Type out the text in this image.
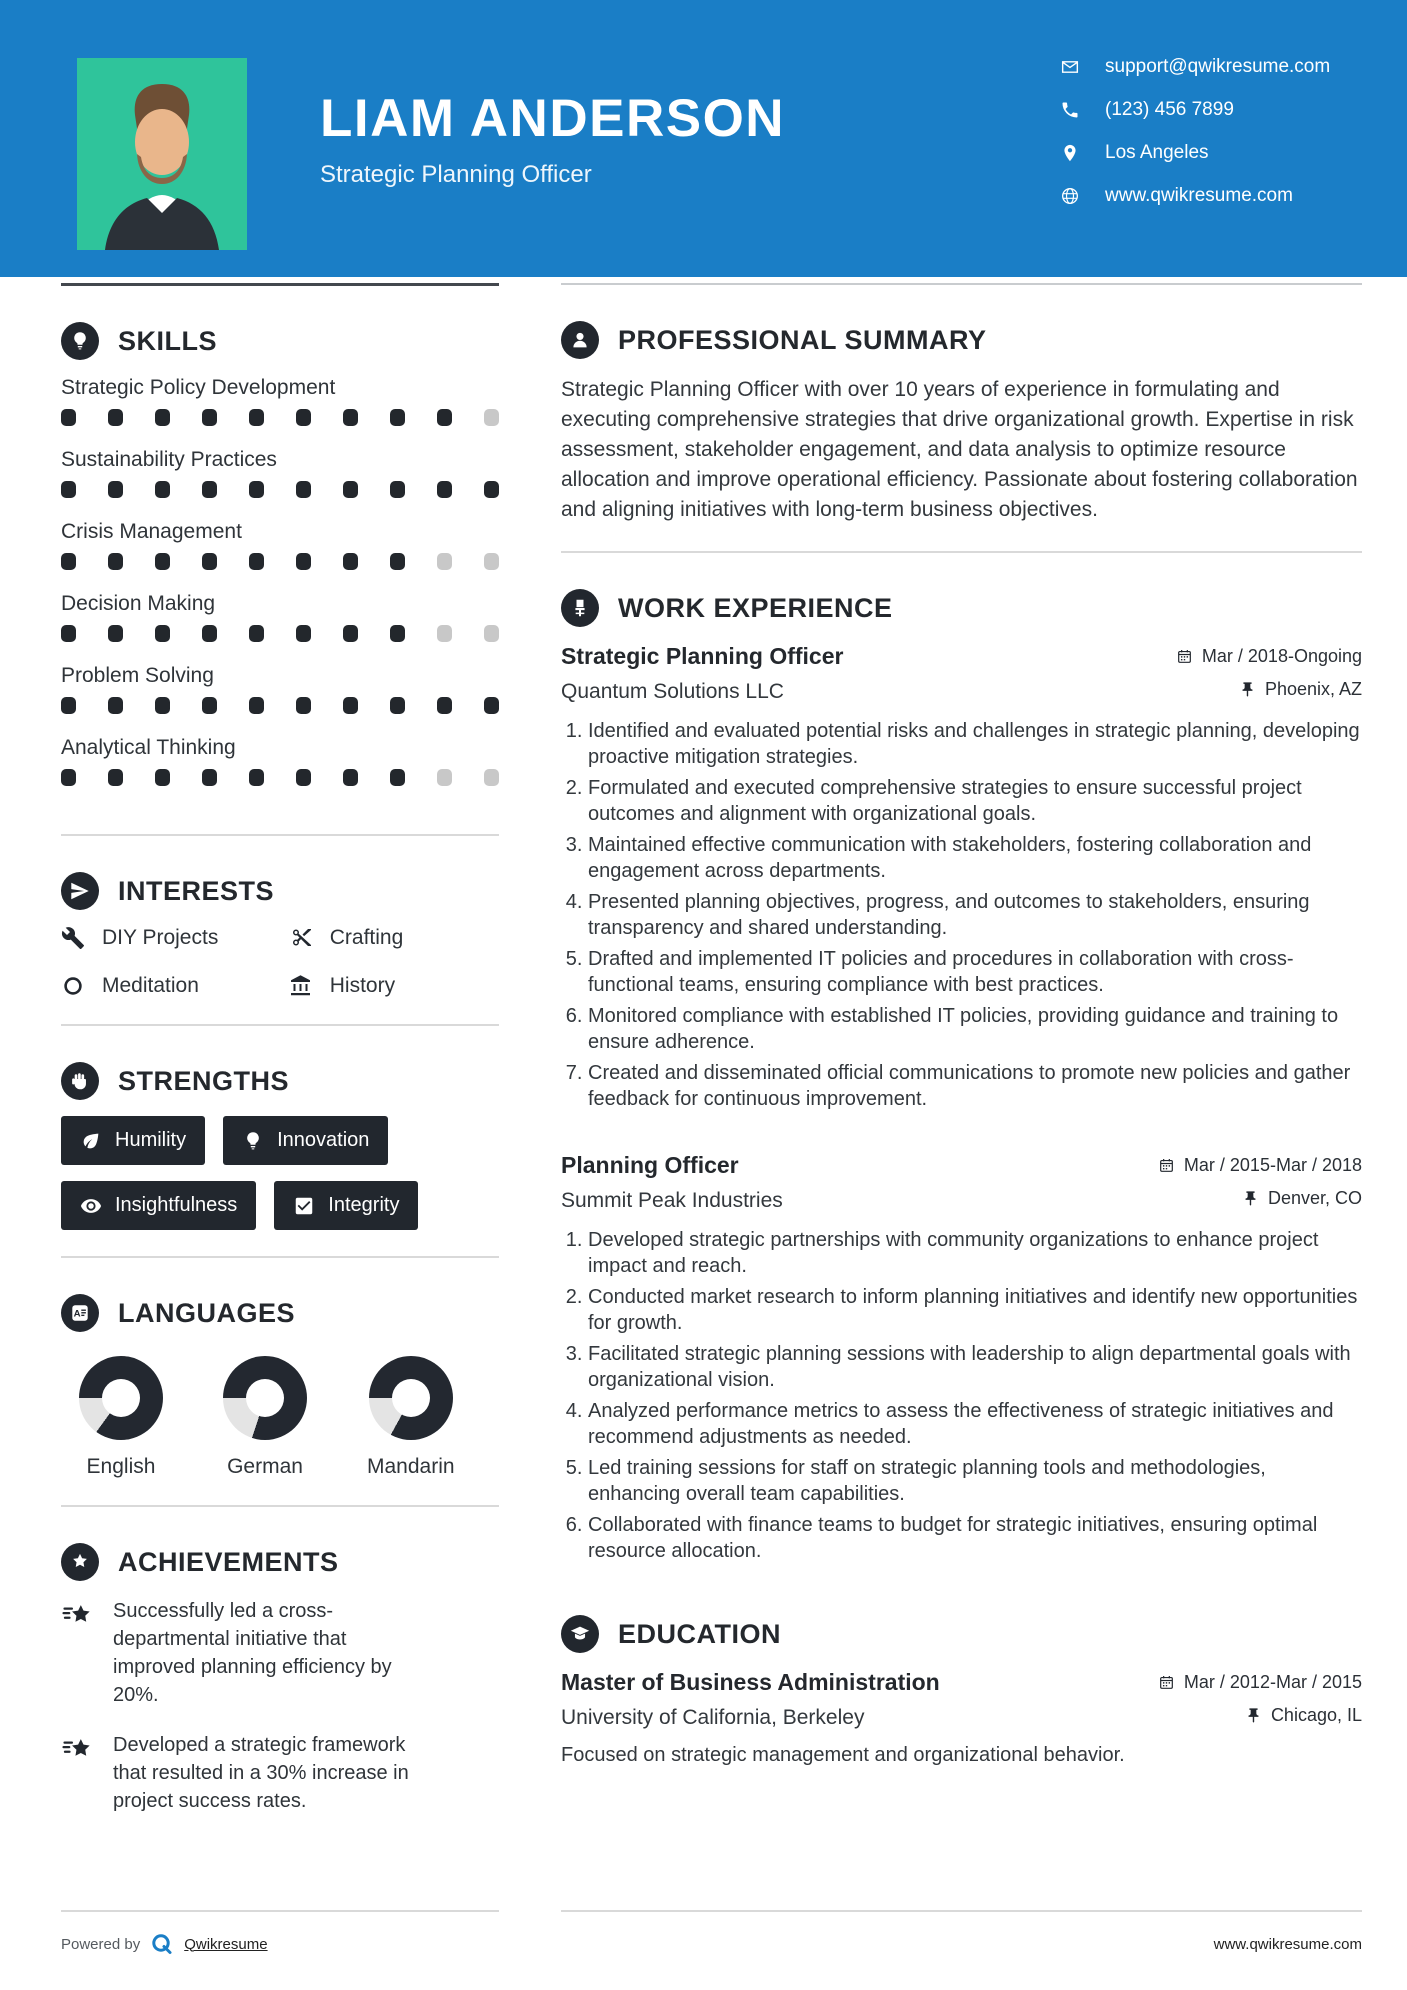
LIAM ANDERSON
Strategic Planning Officer
support@qwikresume.com
(123) 456 7899
Los Angeles
www.qwikresume.com
SKILLS
Strategic Policy Development
Sustainability Practices
Crisis Management
Decision Making
Problem Solving
Analytical Thinking
INTERESTS
DIY Projects	Crafting
Meditation	History
STRENGTHS
Humility	Innovation
Insightfulness	Integrity
LANGUAGES
English	German	Mandarin
ACHIEVEMENTS
Successfully led a cross-departmental initiative that improved planning efficiency by 20%.
Developed a strategic framework that resulted in a 30% increase in project success rates.
PROFESSIONAL SUMMARY

Strategic Planning Officer with over 10 years of experience in formulating and executing comprehensive strategies that drive organizational growth. Expertise in risk assessment, stakeholder engagement, and data analysis to optimize resource allocation and improve operational efficiency. Passionate about fostering collaboration and aligning initiatives with long-term business objectives.

WORK EXPERIENCE
Strategic Planning Officer
Quantum Solutions LLC
Mar / 2018-Ongoing
Phoenix, AZ
1. Identified and evaluated potential risks and challenges in strategic planning, developing proactive mitigation strategies.
2. Formulated and executed comprehensive strategies to ensure successful project outcomes and alignment with organizational goals.
3. Maintained effective communication with stakeholders, fostering collaboration and engagement across departments.
4. Presented planning objectives, progress, and outcomes to stakeholders, ensuring transparency and shared understanding.
5. Drafted and implemented IT policies and procedures in collaboration with cross-functional teams, ensuring compliance with best practices.
6. Monitored compliance with established IT policies, providing guidance and training to ensure adherence.
7. Created and disseminated official communications to promote new policies and gather feedback for continuous improvement.
Planning Officer
Summit Peak Industries
Mar / 2015-Mar / 2018
Denver, CO
1. Developed strategic partnerships with community organizations to enhance project impact and reach.
2. Conducted market research to inform planning initiatives and identify new opportunities for growth.
3. Facilitated strategic planning sessions with leadership to align departmental goals with organizational vision.
4. Analyzed performance metrics to assess the effectiveness of strategic initiatives and recommend adjustments as needed.
5. Led training sessions for staff on strategic planning tools and methodologies, enhancing overall team capabilities.
6. Collaborated with finance teams to budget for strategic initiatives, ensuring optimal resource allocation.
EDUCATION
Master of Business Administration
University of California, Berkeley
Mar / 2012-Mar / 2015
Chicago, IL

Focused on strategic management and organizational behavior.

Powered by	Qwikresume	www.qwikresume.com
